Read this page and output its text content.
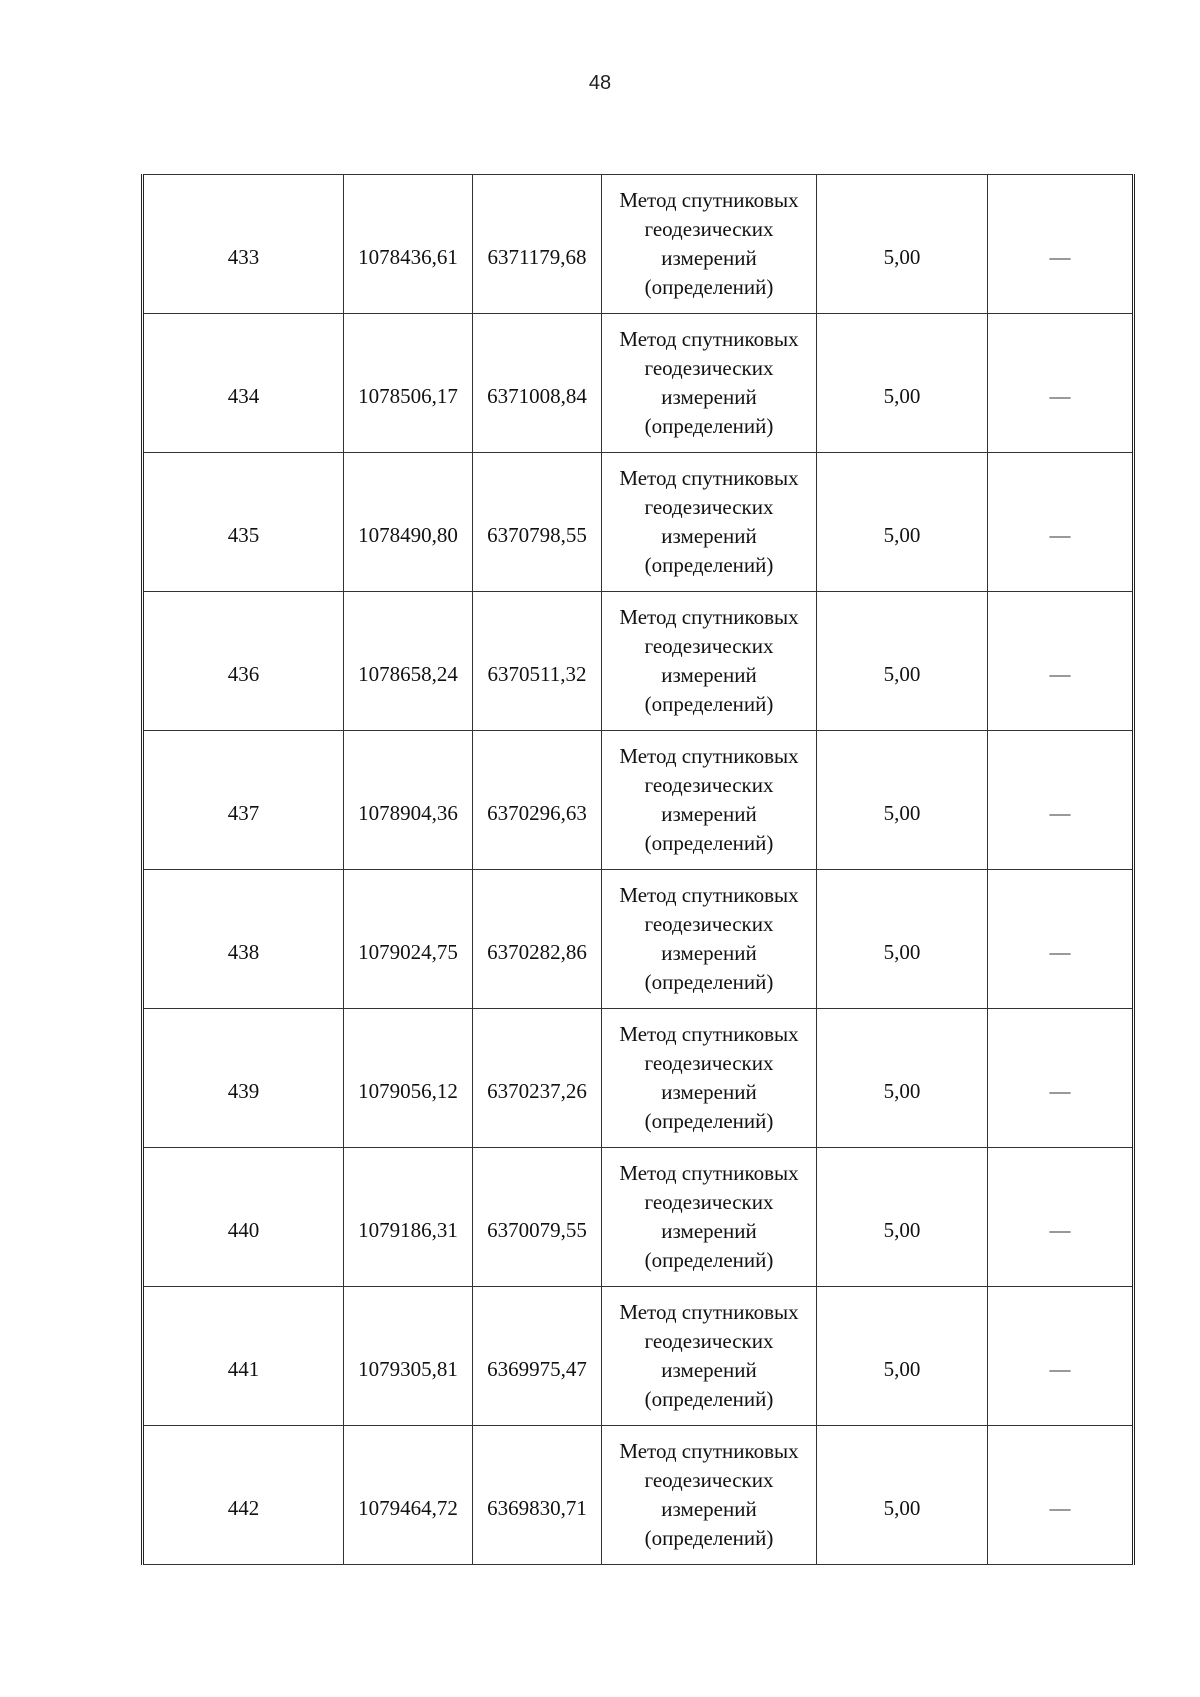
48
433	1078436,61	6371179,68	Метод спутниковых
геодезических
измерений
(определений)	5,00	—

434	1078506,17	6371008,84	Метод спутниковых
геодезических
измерений
(определений)	5,00	—

435	1078490,80	6370798,55	Метод спутниковых
геодезических
измерений
(определений)	5,00	—

436	1078658,24	6370511,32	Метод спутниковых
геодезических
измерений
(определений)	5,00	—

437	1078904,36	6370296,63	Метод спутниковых
геодезических
измерений
(определений)	5,00	—

438	1079024,75	6370282,86	Метод спутниковых
геодезических
измерений
(определений)	5,00	—

439	1079056,12	6370237,26	Метод спутниковых
геодезических
измерений
(определений)	5,00	—

440	1079186,31	6370079,55	Метод спутниковых
геодезических
измерений
(определений)	5,00	—

441	1079305,81	6369975,47	Метод спутниковых
геодезических
измерений
(определений)	5,00	—

442	1079464,72	6369830,71	Метод спутниковых
геодезических
измерений
(определений)	5,00	—
